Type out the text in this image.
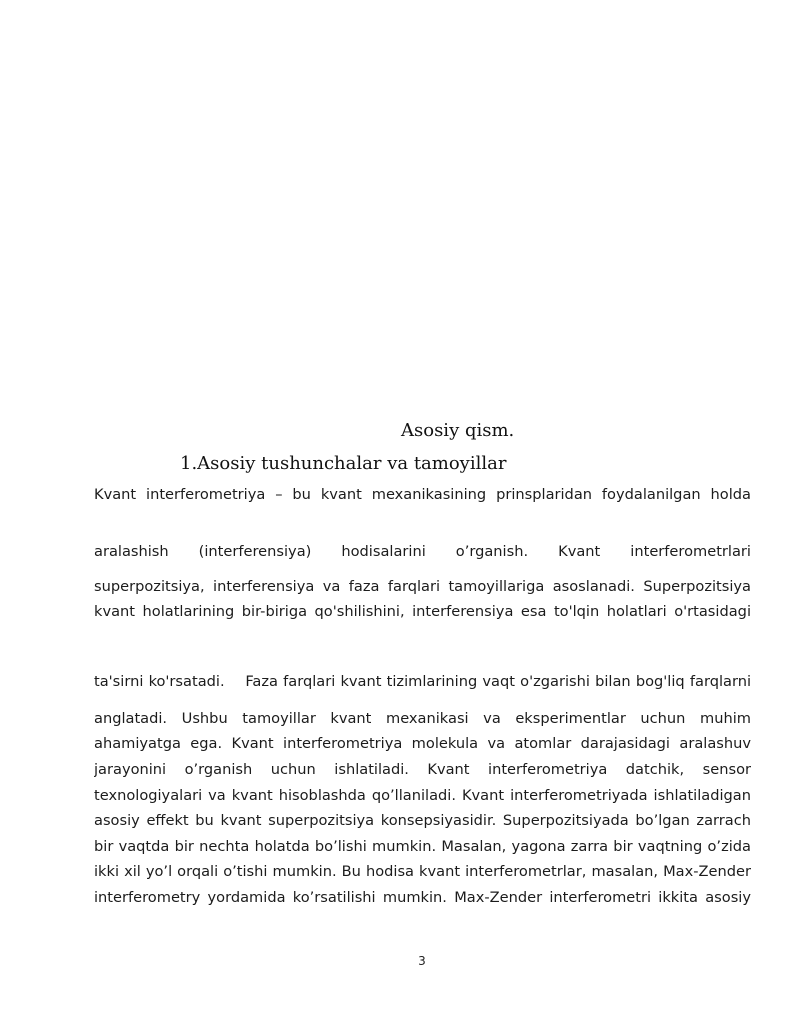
Asosiy qism.
1.Asosiy tushunchalar va tamoyillar

Kvant interferometriya – bu kvant mexanikasining prinsplaridan foydalanilgan holda

aralashish (interferensiya) hodisalarini o’rganish. Kvant interferometrlari

superpozitsiya, interferensiya va faza farqlari tamoyillariga asoslanadi. Superpozitsiya

kvant holatlarining bir-biriga qo'shilishini, interferensiya esa to'lqin holatlari o'rtasidagi

ta'sirni ko'rsatadi.    Faza farqlari kvant tizimlarining vaqt o'zgarishi bilan bog'liq farqlarni

anglatadi. Ushbu tamoyillar kvant mexanikasi va eksperimentlar uchun muhim

ahamiyatga ega. Kvant interferometriya molekula va atomlar darajasidagi aralashuv

jarayonini o’rganish uchun ishlatiladi. Kvant interferometriya datchik, sensor

texnologiyalari va kvant hisoblashda qo’llaniladi. Kvant interferometriyada ishlatiladigan

asosiy effekt bu kvant superpozitsiya konsepsiyasidir. Superpozitsiyada bo’lgan zarrach

bir vaqtda bir nechta holatda bo’lishi mumkin. Masalan, yagona zarra bir vaqtning o’zida

ikki xil yo’l orqali o’tishi mumkin. Bu hodisa kvant interferometrlar, masalan, Max-Zender

interferometry yordamida ko’rsatilishi mumkin. Max-Zender interferometri ikkita asosiy

3
